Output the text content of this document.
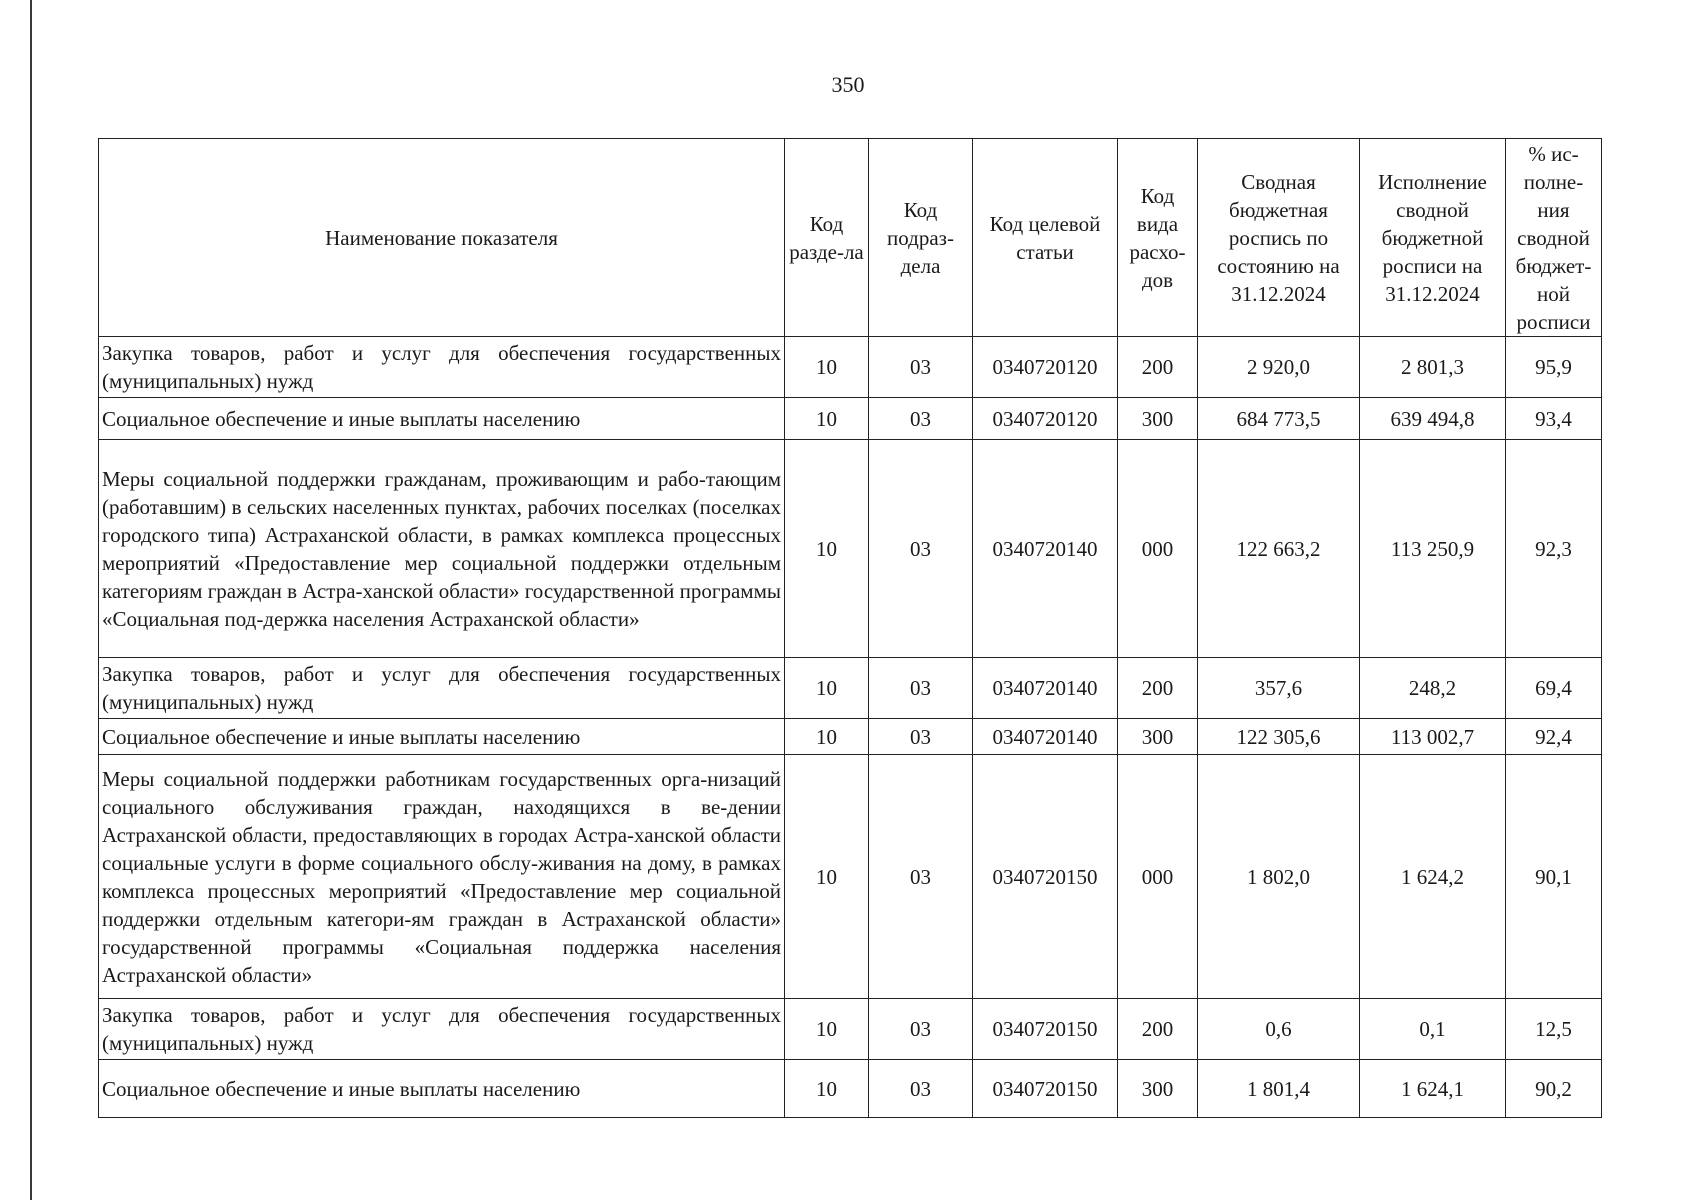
350
Наименование показателя	Код разде-ла	Код подраз-дела	Код целевой статьи	Код вида расхо-дов	Сводная бюджетная роспись по состоянию на 31.12.2024	Исполнение сводной бюджетной росписи на 31.12.2024	% ис-полне-ния сводной бюджет-ной росписи
Закупка товаров, работ и услуг для обеспечения государственных (муниципальных) нужд	10	03	0340720120	200	2 920,0	2 801,3	95,9
Социальное обеспечение и иные выплаты населению	10	03	0340720120	300	684 773,5	639 494,8	93,4
Меры социальной поддержки гражданам, проживающим и рабо-тающим (работавшим) в сельских населенных пунктах, рабочих поселках (поселках городского типа) Астраханской области, в рамках комплекса процессных мероприятий «Предоставление мер социальной поддержки отдельным категориям граждан в Астра-ханской области» государственной программы «Социальная под-держка населения Астраханской области»	10	03	0340720140	000	122 663,2	113 250,9	92,3
Закупка товаров, работ и услуг для обеспечения государственных (муниципальных) нужд	10	03	0340720140	200	357,6	248,2	69,4
Социальное обеспечение и иные выплаты населению	10	03	0340720140	300	122 305,6	113 002,7	92,4
Меры социальной поддержки работникам государственных орга-низаций социального обслуживания граждан, находящихся в ве-дении Астраханской области, предоставляющих в городах Астра-ханской области социальные услуги в форме социального обслу-живания на дому, в рамках комплекса процессных мероприятий «Предоставление мер социальной поддержки отдельным категори-ям граждан в Астраханской области» государственной программы «Социальная поддержка населения Астраханской области»	10	03	0340720150	000	1 802,0	1 624,2	90,1
Закупка товаров, работ и услуг для обеспечения государственных (муниципальных) нужд	10	03	0340720150	200	0,6	0,1	12,5
Социальное обеспечение и иные выплаты населению	10	03	0340720150	300	1 801,4	1 624,1	90,2
